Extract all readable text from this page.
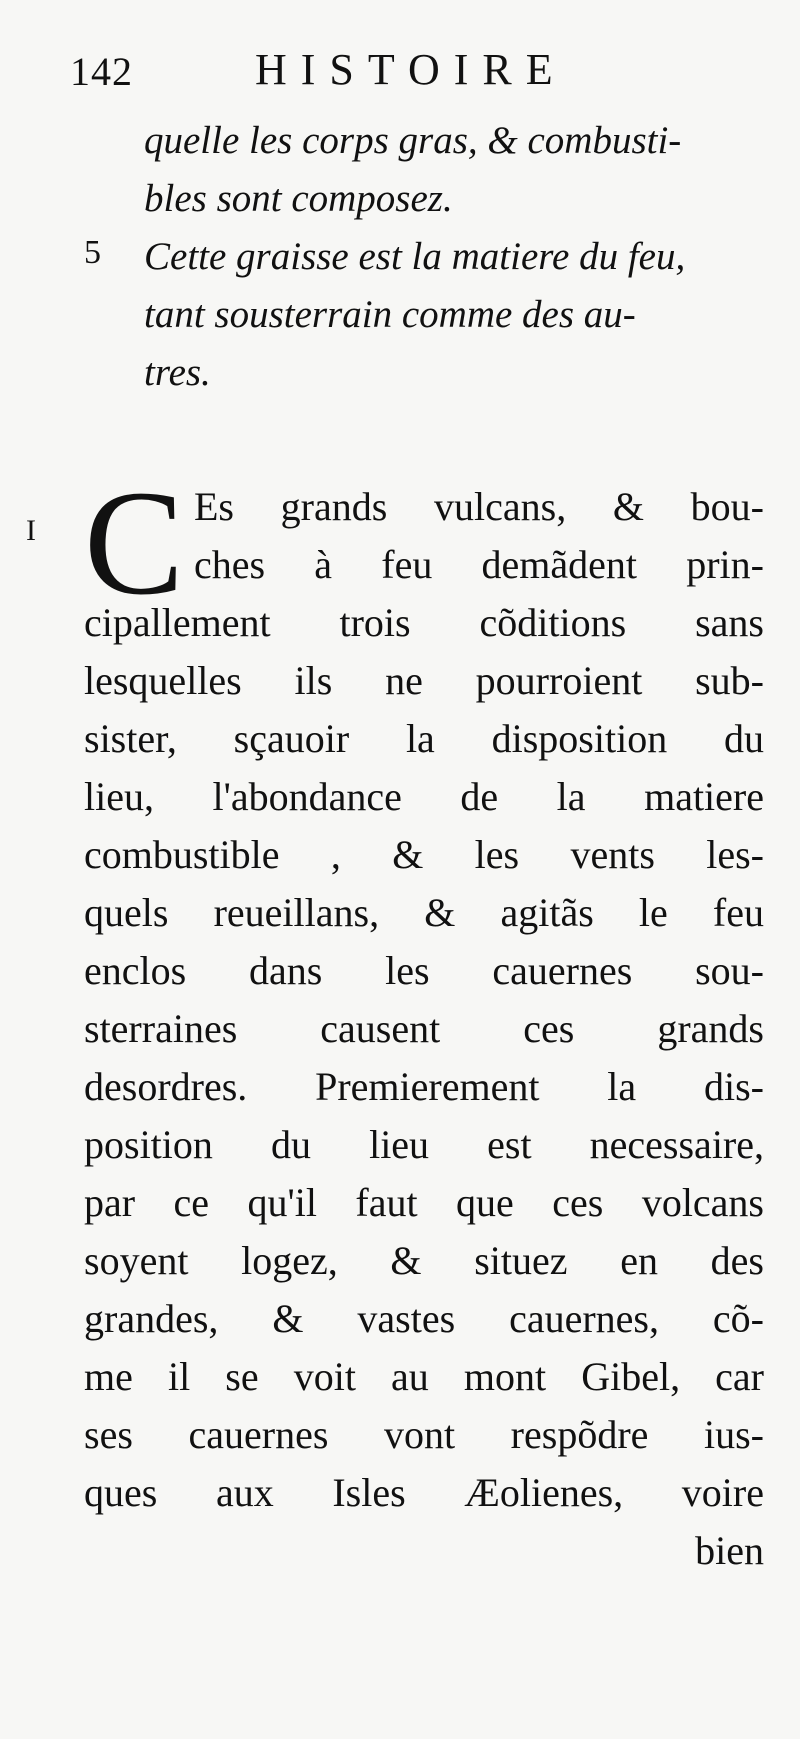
142	HISTOIRE
quelle les corps gras, & combusti-
bles sont composez.
5	Cette graisse est la matiere du feu,
tant sousterrain comme des au-
tres.
I C Es grands vulcans, & bou-
ches à feu demãdent prin-
cipallement trois cõditions sans
lesquelles ils ne pourroient sub-
sister, sçauoir la disposition du
lieu, l'abondance de la matiere
combustible , & les vents les-
quels reueillans, & agitãs le feu
enclos dans les cauernes sou-
sterraines causent ces grands
desordres. Premierement la dis-
position du lieu est necessaire,
par ce qu'il faut que ces volcans
soyent logez, & situez en des
grandes, & vastes cauernes, cõ-
me il se voit au mont Gibel, car
ses cauernes vont respõdre ius-
ques aux Isles Æolienes, voire
bien
